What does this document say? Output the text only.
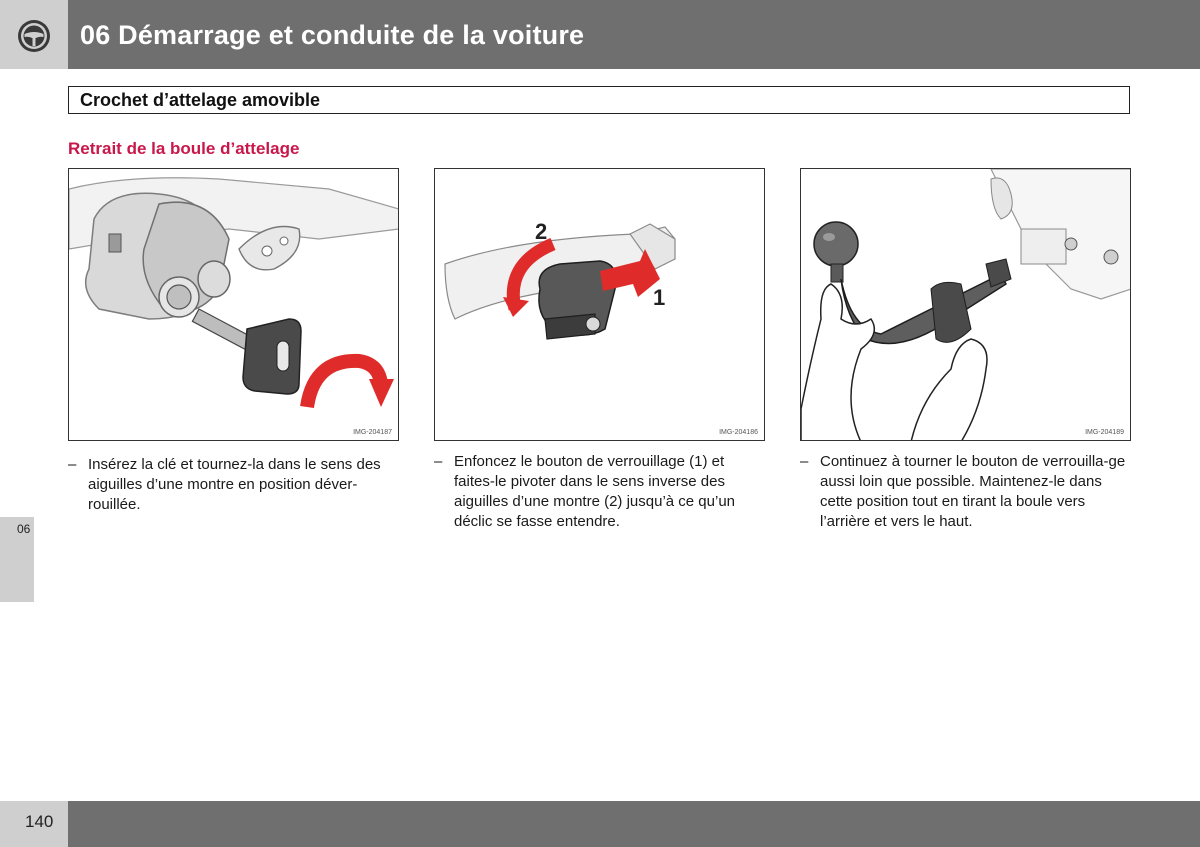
06 Démarrage et conduite de la voiture
Crochet d’attelage amovible
Retrait de la boule d’attelage
IMG-204187
2
1
IMG-204186	IMG-204189
– Insérez la clé et tournez-la dans le sens des aiguilles d’une montre en position déver-rouillée.
– Enfoncez le bouton de verrouillage (1) et faites-le pivoter dans le sens inverse des aiguilles d’une montre (2) jusqu’à ce qu’un déclic se fasse entendre.
– Continuez à tourner le bouton de verrouilla-ge aussi loin que possible. Maintenez-le dans cette position tout en tirant la boule vers l’arrière et vers le haut.
06
140
